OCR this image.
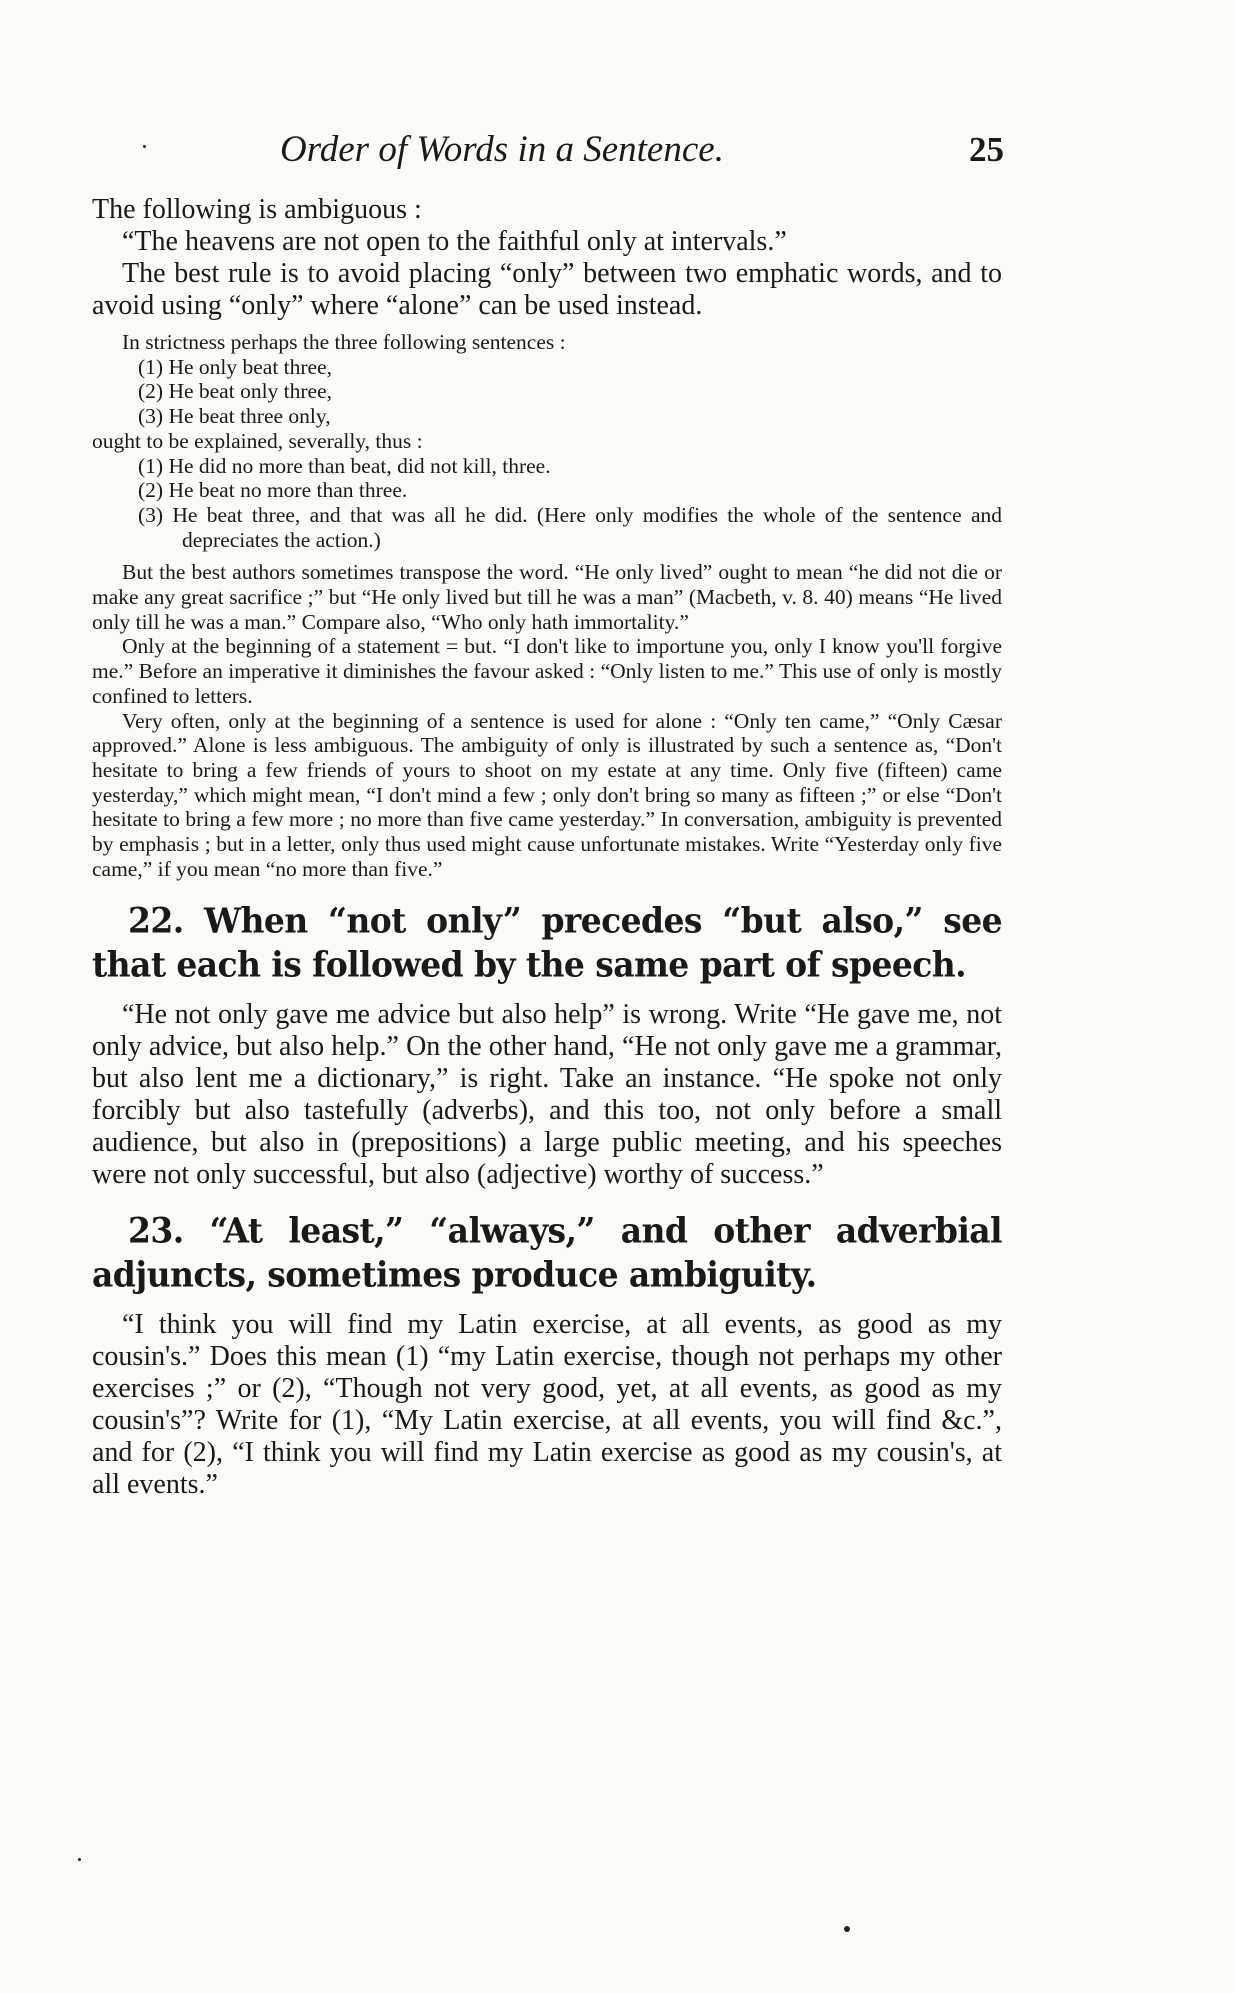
Order of Words in a Sentence.	25

The following is ambiguous :

“The heavens are not open to the faithful only at intervals.”

The best rule is to avoid placing “only” between two emphatic words, and to avoid using “only” where “alone” can be used instead.

In strictness perhaps the three following sentences :

(1) He only beat three,

(2) He beat only three,

(3) He beat three only,

ought to be explained, severally, thus :

(1) He did no more than beat, did not kill, three.

(2) He beat no more than three.

(3) He beat three, and that was all he did. (Here only modifies the whole of the sentence and depreciates the action.)

But the best authors sometimes transpose the word. “He only lived” ought to mean “he did not die or make any great sacrifice ;” but “He only lived but till he was a man” (Macbeth, v. 8. 40) means “He lived only till he was a man.” Compare also, “Who only hath immortality.”

Only at the beginning of a statement = but. “I don't like to importune you, only I know you'll forgive me.” Before an imperative it diminishes the favour asked : “Only listen to me.” This use of only is mostly confined to letters.

Very often, only at the beginning of a sentence is used for alone : “Only ten came,” “Only Cæsar approved.” Alone is less ambiguous. The ambiguity of only is illustrated by such a sentence as, “Don't hesitate to bring a few friends of yours to shoot on my estate at any time. Only five (fifteen) came yesterday,” which might mean, “I don't mind a few ; only don't bring so many as fifteen ;” or else “Don't hesitate to bring a few more ; no more than five came yesterday.” In conversation, ambiguity is prevented by emphasis ; but in a letter, only thus used might cause unfortunate mistakes. Write “Yesterday only five came,” if you mean “no more than five.”

22. When “not only” precedes “but also,” see that each is followed by the same part of speech.

“He not only gave me advice but also help” is wrong. Write “He gave me, not only advice, but also help.” On the other hand, “He not only gave me a grammar, but also lent me a dictionary,” is right. Take an instance. “He spoke not only forcibly but also tastefully (adverbs), and this too, not only before a small audience, but also in (prepositions) a large public meeting, and his speeches were not only successful, but also (adjective) worthy of success.”

23. “At least,” “always,” and other adverbial adjuncts, sometimes produce ambiguity.

“I think you will find my Latin exercise, at all events, as good as my cousin's.” Does this mean (1) “my Latin exercise, though not perhaps my other exercises ;” or (2), “Though not very good, yet, at all events, as good as my cousin's”? Write for (1), “My Latin exercise, at all events, you will find &c.”, and for (2), “I think you will find my Latin exercise as good as my cousin's, at all events.”
